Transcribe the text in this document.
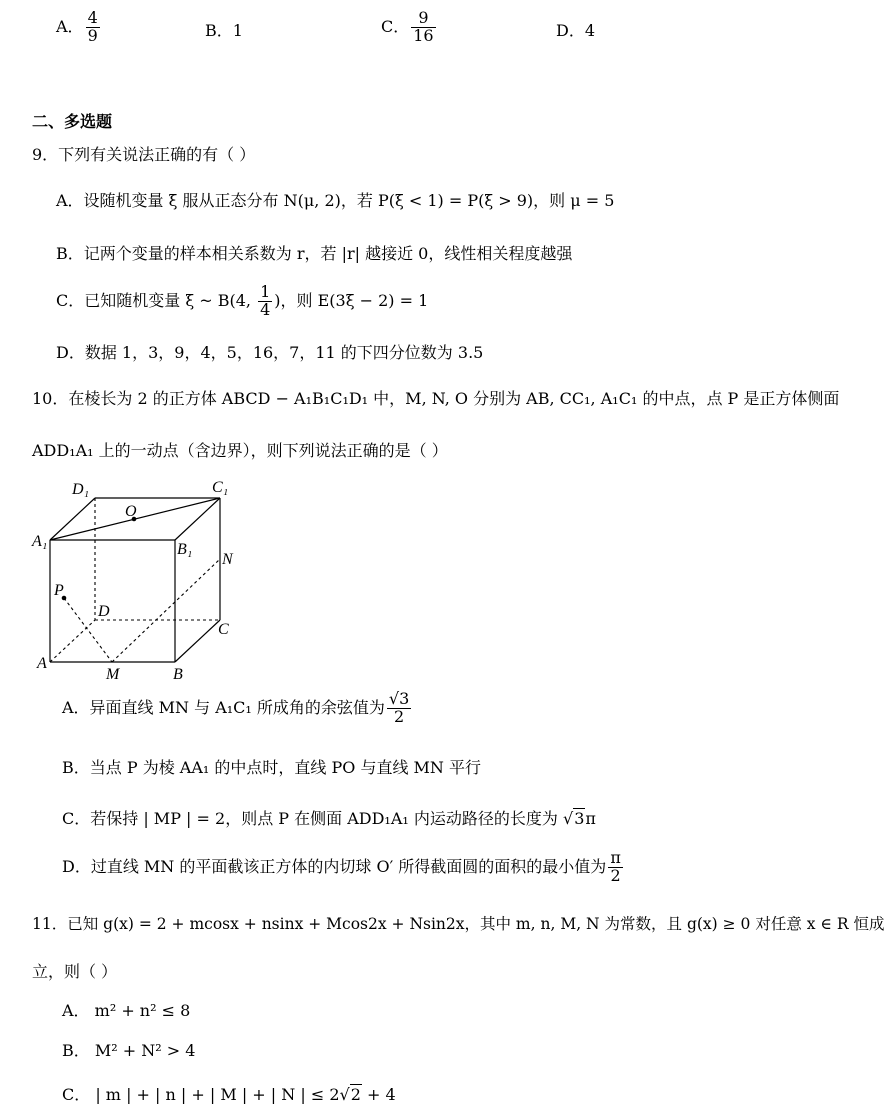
A． $\frac{4}{9}$	B．1	C． $\frac{9}{16}$	D．4
二、多选题
9．下列有关说法正确的有（ ）
A．设随机变量 ξ 服从正态分布 N(μ, 2)，若 P(ξ < 1) = P(ξ > 9)，则 μ = 5
B．记两个变量的样本相关系数为 r，若 |r| 越接近 0，线性相关程度越强
C．已知随机变量 ξ ~ B(4, $\frac{1}{4}$ )，则 E(3ξ − 2) = 1
D．数据 1，3，9，4，5，16，7，11 的下四分位数为 3.5
10．在棱长为 2 的正方体 ABCD − A₁B₁C₁D₁ 中，M, N, O 分别为 AB, CC₁, A₁C₁ 的中点，点 P 是正方体侧面
ADD₁A₁ 上的一动点（含边界），则下列说法正确的是（ ）
D₁	C₁
O
A₁	B₁
N
P
D
C
A
M	B
A．异面直线 MN 与 A₁C₁ 所成角的余弦值为 $\frac{√3}{2}$
B．当点 P 为棱 AA₁ 的中点时，直线 PO 与直线 MN 平行
C．若保持 | MP | = 2，则点 P 在侧面 ADD₁A₁ 内运动路径的长度为 √3π
D．过直线 MN 的平面截该正方体的内切球 O′ 所得截面圆的面积的最小值为 $\frac{\pi}{2}$
11．已知 g(x) = 2 + mcosx + nsinx + Mcos2x + Nsin2x，其中 m, n, M, N 为常数，且 g(x) ≥ 0 对任意 x ∈ R 恒成
立，则（ ）
A． m² + n² ≤ 8
B． M² + N² > 4
C． | m | + | n | + | M | + | N | ≤ 2√2 + 4
